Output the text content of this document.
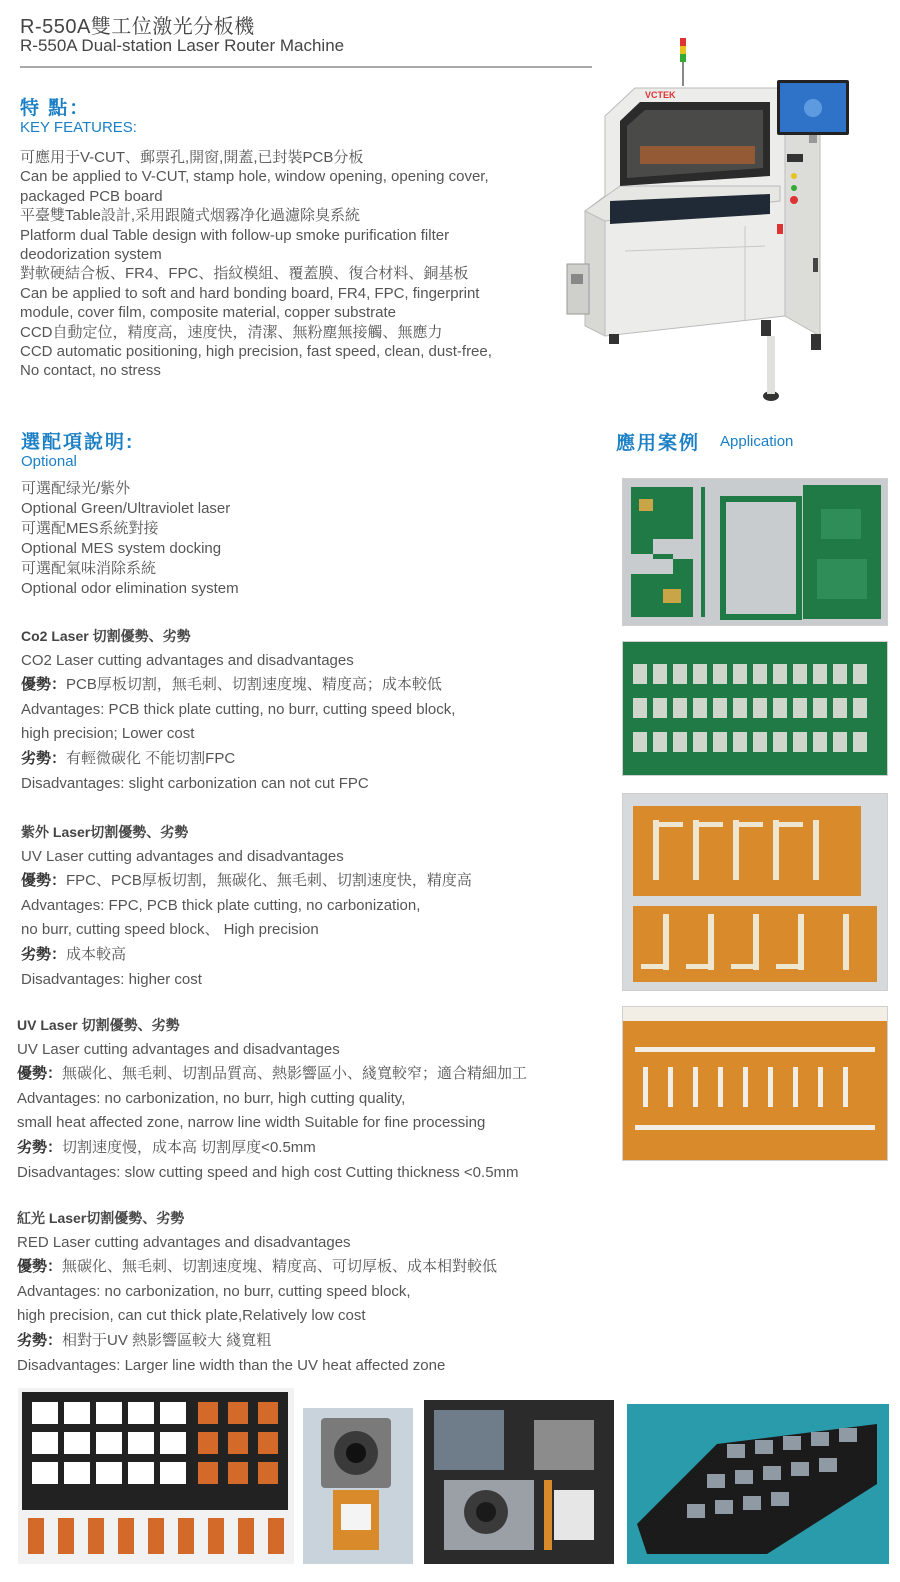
R-550A雙工位激光分板機
R-550A Dual-station Laser Router Machine
特 點：
KEY FEATURES:
可應用于V-CUT、郵票孔,開窗,開蓋,已封裝PCB分板
Can be applied to V-CUT, stamp hole, window opening, opening cover,
packaged PCB board
平臺雙Table設計,采用跟隨式烟霧净化過濾除臭系統
Platform dual Table design with follow-up smoke purification filter
deodorization system
對軟硬結合板、FR4、FPC、指紋模組、覆蓋膜、復合材料、銅基板
Can be applied to soft and hard bonding board, FR4, FPC, fingerprint
module, cover film, composite material, copper substrate
CCD自動定位，精度高，速度快，清潔、無粉塵無接觸、無應力
CCD automatic positioning, high precision, fast speed, clean, dust-free,
No contact, no stress
VCTEK
選配項說明:
Optional
可選配绿光/紫外
Optional Green/Ultraviolet laser
可選配MES系統對接
Optional MES system docking
可選配氣味消除系統
Optional odor elimination system
應用案例 Application
Co2 Laser 切割優勢、劣勢
CO2 Laser cutting advantages and disadvantages
優勢：PCB厚板切割，無毛刺、切割速度塊、精度高；成本較低
Advantages: PCB thick plate cutting, no burr, cutting speed block,
high precision; Lower cost
劣勢：有輕微碳化 不能切割FPC
Disadvantages: slight carbonization can not cut FPC
紫外 Laser切割優勢、劣勢
UV Laser cutting advantages and disadvantages
優勢：FPC、PCB厚板切割，無碳化、無毛刺、切割速度快，精度高
Advantages: FPC, PCB thick plate cutting, no carbonization,
no burr, cutting speed block、 High precision
劣勢：成本較高
Disadvantages: higher cost
UV Laser 切割優勢、劣勢
UV Laser cutting advantages and disadvantages
優勢：無碳化、無毛刺、切割品質高、熱影響區小、綫寬較窄；適合精細加工
Advantages: no carbonization, no burr, high cutting quality,
small heat affected zone, narrow line width Suitable for fine processing
劣勢：切割速度慢，成本高 切割厚度<0.5mm
Disadvantages: slow cutting speed and high cost Cutting thickness <0.5mm
紅光 Laser切割優勢、劣勢
RED Laser cutting advantages and disadvantages
優勢：無碳化、無毛刺、切割速度塊、精度高、可切厚板、成本相對較低
Advantages: no carbonization, no burr, cutting speed block,
high precision, can cut thick plate,Relatively low cost
劣勢：相對于UV 熱影響區較大 綫寬粗
Disadvantages: Larger line width than the UV heat affected zone
